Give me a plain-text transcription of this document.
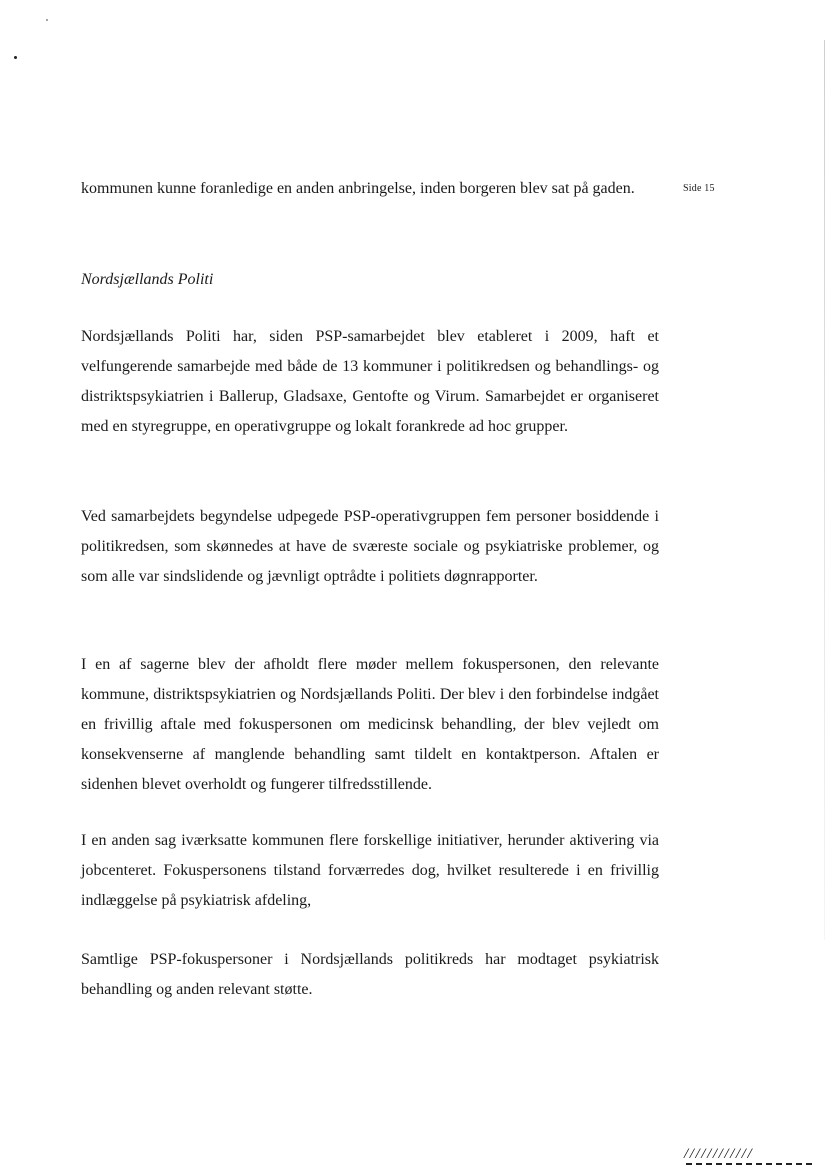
Side 15

kommunen kunne foranledige en anden anbringelse, inden borgeren blev sat på gaden.

Nordsjællands Politi

Nordsjællands Politi har, siden PSP-samarbejdet blev etableret i 2009, haft et velfungerende samarbejde med både de 13 kommuner i politikredsen og behandlings- og distriktspsykiatrien i Ballerup, Gladsaxe, Gentofte og Virum. Samarbejdet er organiseret med en styregruppe, en operativgruppe og lokalt forankrede ad hoc grupper.

Ved samarbejdets begyndelse udpegede PSP-operativgruppen fem personer bosiddende i politikredsen, som skønnedes at have de sværeste sociale og psykiatriske problemer, og som alle var sindslidende og jævnligt optrådte i politiets døgnrapporter.

I en af sagerne blev der afholdt flere møder mellem fokuspersonen, den relevante kommune, distriktspsykiatrien og Nordsjællands Politi. Der blev i den forbindelse indgået en frivillig aftale med fokuspersonen om medicinsk behandling, der blev vejledt om konsekvenserne af manglende behandling samt tildelt en kontaktperson. Aftalen er sidenhen blevet overholdt og fungerer tilfredsstillende.

I en anden sag iværksatte kommunen flere forskellige initiativer, herunder aktivering via jobcenteret. Fokuspersonens tilstand forværredes dog, hvilket resulterede i en frivillig indlæggelse på psykiatrisk afdeling,

Samtlige PSP-fokuspersoner i Nordsjællands politikreds har modtaget psykiatrisk behandling og anden relevant støtte.

////////////
